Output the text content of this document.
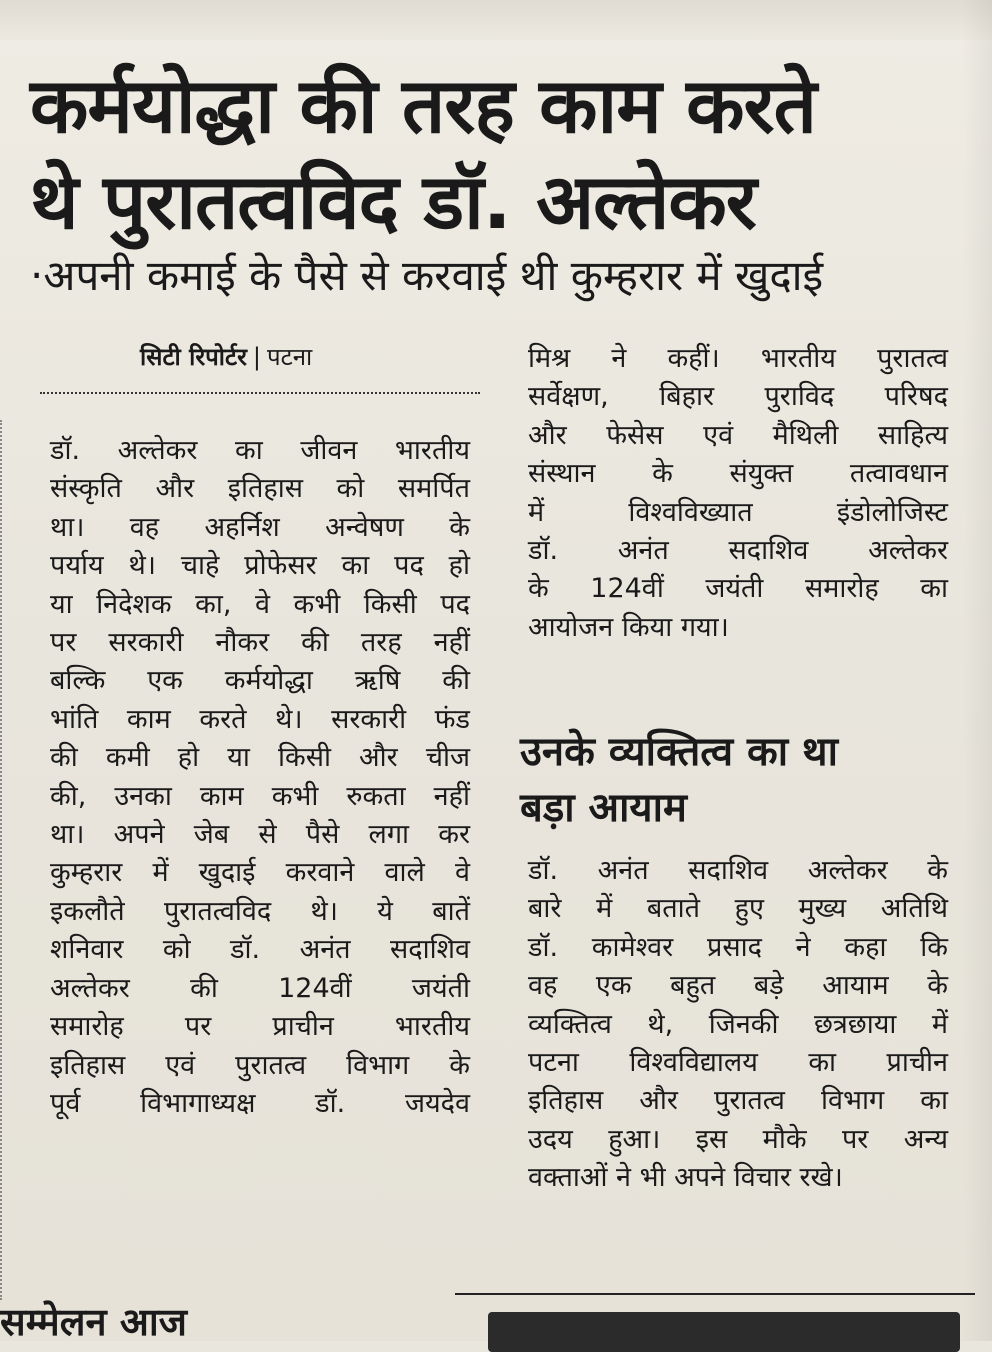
कर्मयोद्धा की तरह काम करते
थे पुरातत्वविद डॉ. अल्तेकर
·अपनी कमाई के पैसे से करवाई थी कुम्हरार में खुदाई
सिटी रिपोर्टर | पटना
डॉ. अल्तेकर का जीवन भारतीय
संस्कृति और इतिहास को समर्पित
था। वह अहर्निश अन्वेषण के
पर्याय थे। चाहे प्रोफेसर का पद हो
या निदेशक का, वे कभी किसी पद
पर सरकारी नौकर की तरह नहीं
बल्कि एक कर्मयोद्धा ऋषि की
भांति काम करते थे। सरकारी फंड
की कमी हो या किसी और चीज
की, उनका काम कभी रुकता नहीं
था। अपने जेब से पैसे लगा कर
कुम्हरार में खुदाई करवाने वाले वे
इकलौते पुरातत्वविद थे। ये बातें
शनिवार को डॉ. अनंत सदाशिव
अल्तेकर की 124वीं जयंती
समारोह पर प्राचीन भारतीय
इतिहास एवं पुरातत्व विभाग के
पूर्व विभागाध्यक्ष डॉ. जयदेव
मिश्र ने कहीं। भारतीय पुरातत्व
सर्वेक्षण, बिहार पुराविद परिषद
और फेसेस एवं मैथिली साहित्य
संस्थान के संयुक्त तत्वावधान
में विश्वविख्यात इंडोलोजिस्ट
डॉ. अनंत सदाशिव अल्तेकर
के 124वीं जयंती समारोह का
आयोजन किया गया।
उनके व्यक्तित्व का था
बड़ा आयाम
डॉ. अनंत सदाशिव अल्तेकर के
बारे में बताते हुए मुख्य अतिथि
डॉ. कामेश्वर प्रसाद ने कहा कि
वह एक बहुत बड़े आयाम के
व्यक्तित्व थे, जिनकी छत्रछाया में
पटना विश्वविद्यालय का प्राचीन
इतिहास और पुरातत्व विभाग का
उदय हुआ। इस मौके पर अन्य
वक्ताओं ने भी अपने विचार रखे।
सम्मेलन आज
